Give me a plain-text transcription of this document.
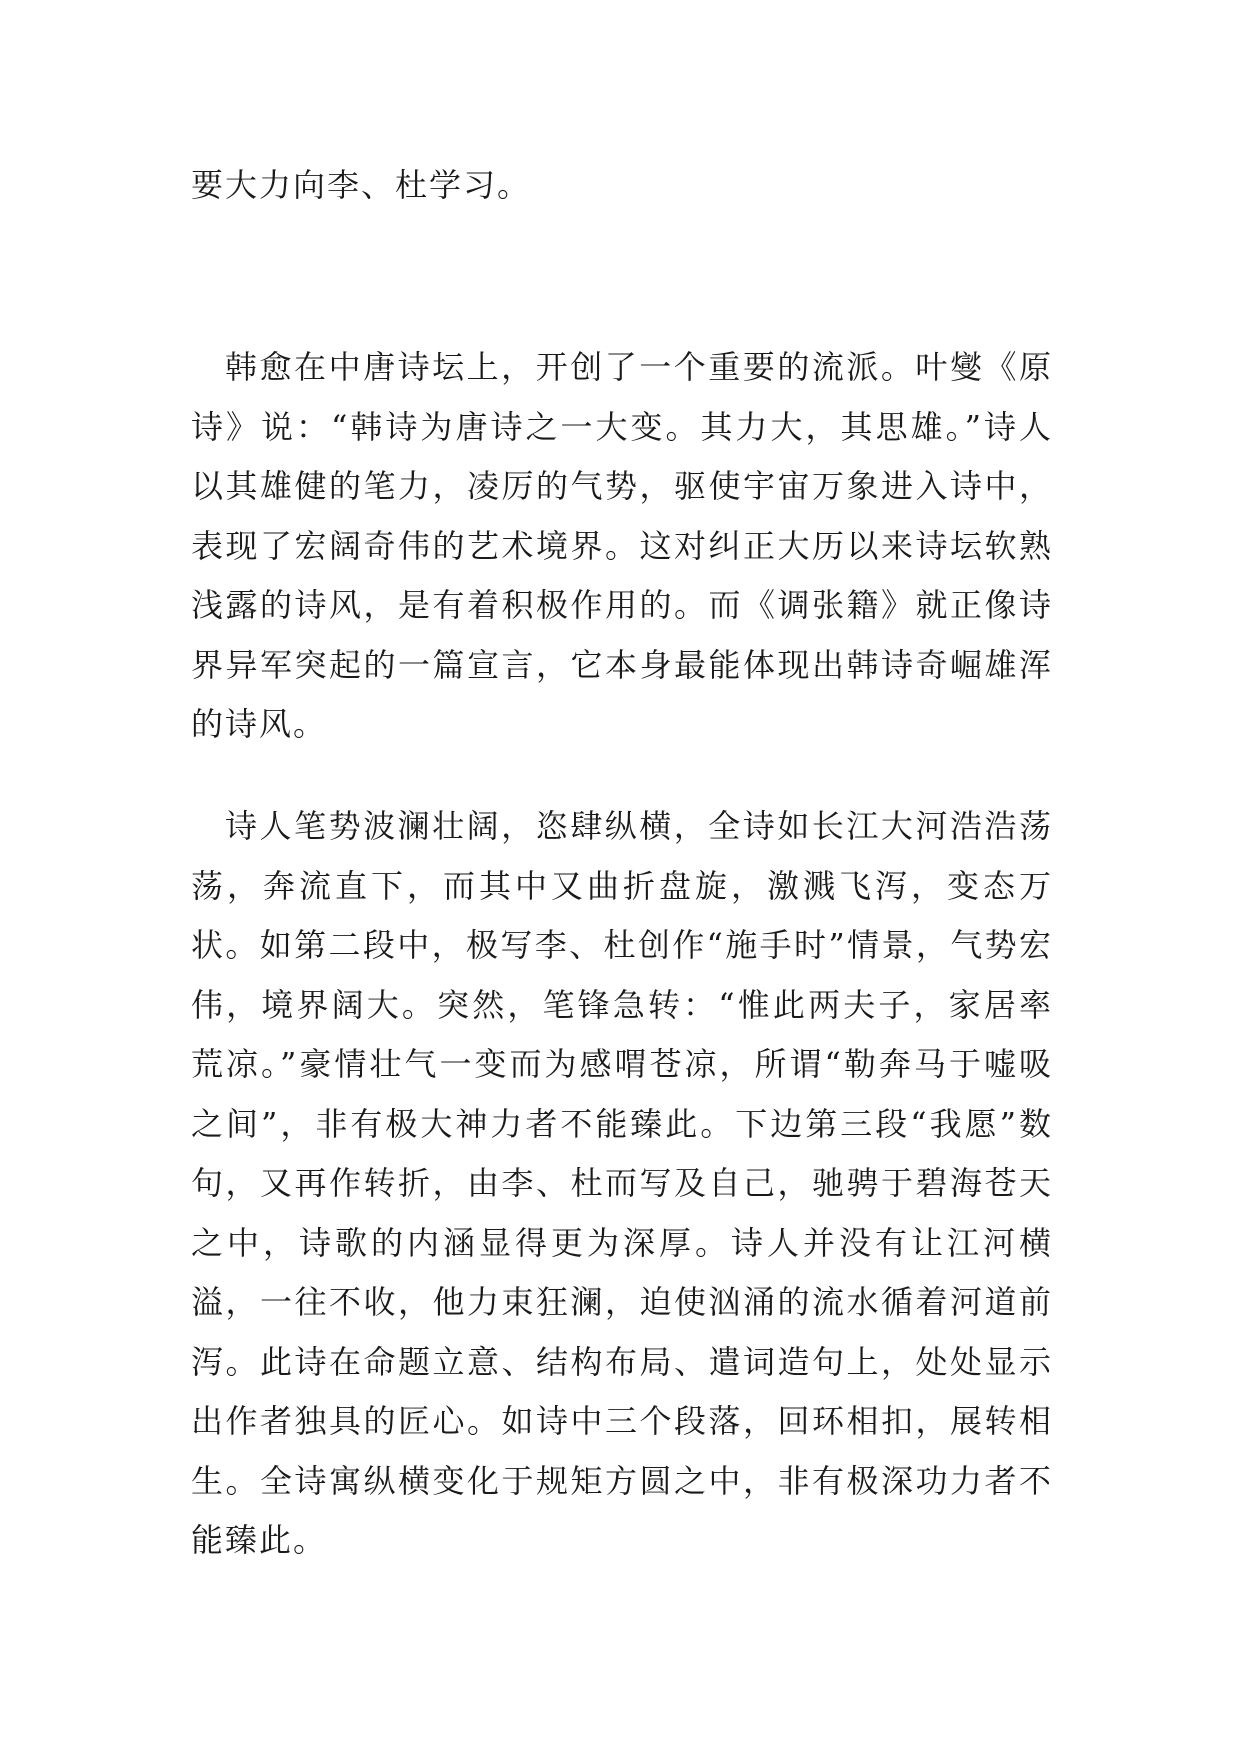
要大力向李、杜学习。

韩愈在中唐诗坛上，开创了一个重要的流派。叶燮《原诗》说：“韩诗为唐诗之一大变。其力大，其思雄。”诗人以其雄健的笔力，凌厉的气势，驱使宇宙万象进入诗中，表现了宏阔奇伟的艺术境界。这对纠正大历以来诗坛软熟浅露的诗风，是有着积极作用的。而《调张籍》就正像诗界异军突起的一篇宣言，它本身最能体现出韩诗奇崛雄浑的诗风。

诗人笔势波澜壮阔，恣肆纵横，全诗如长江大河浩浩荡荡，奔流直下，而其中又曲折盘旋，激溅飞泻，变态万状。如第二段中，极写李、杜创作“施手时”情景，气势宏伟，境界阔大。突然，笔锋急转：“惟此两夫子，家居率荒凉。”豪情壮气一变而为感喟苍凉，所谓“勒奔马于嘘吸之间”，非有极大神力者不能臻此。下边第三段“我愿”数句，又再作转折，由李、杜而写及自己，驰骋于碧海苍天之中，诗歌的内涵显得更为深厚。诗人并没有让江河横溢，一往不收，他力束狂澜，迫使汹涌的流水循着河道前泻。此诗在命题立意、结构布局、遣词造句上，处处显示出作者独具的匠心。如诗中三个段落，回环相扣，展转相生。全诗寓纵横变化于规矩方圆之中，非有极深功力者不能臻此。
